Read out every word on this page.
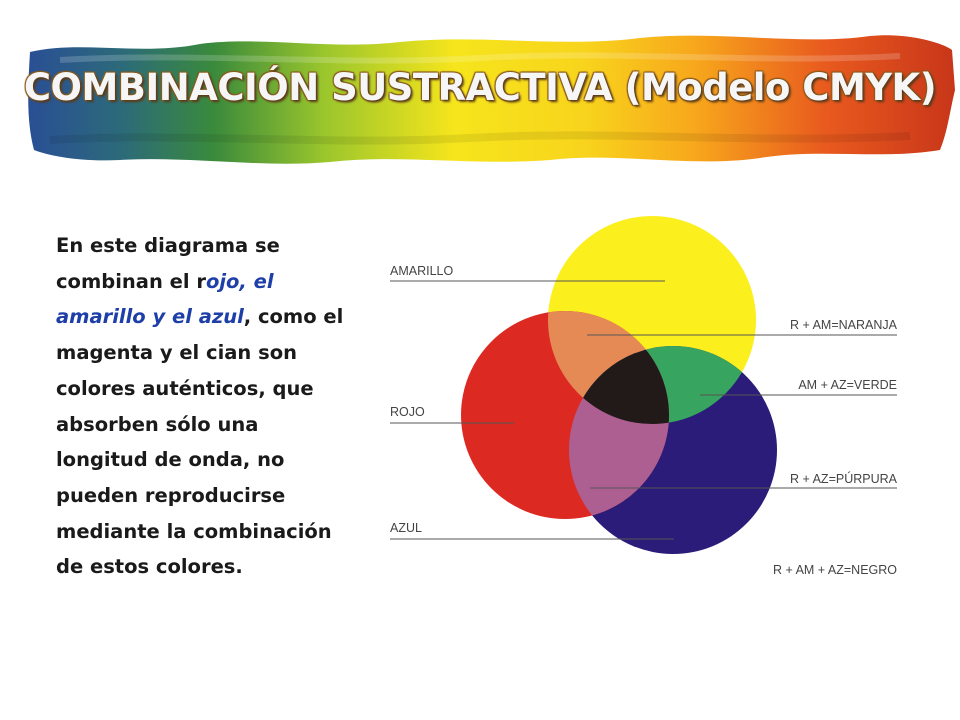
COMBINACIÓN SUSTRACTIVA (Modelo CMYK)
En este diagrama se combinan el rojo, el amarillo y el azul, como el magenta y el cian son colores auténticos, que absorben sólo una longitud de onda, no pueden reproducirse mediante la combinación de estos colores.
AMARILLO
R + AM=NARANJA
AM + AZ=VERDE
ROJO
R + AZ=PÚRPURA
AZUL
R + AM + AZ=NEGRO
